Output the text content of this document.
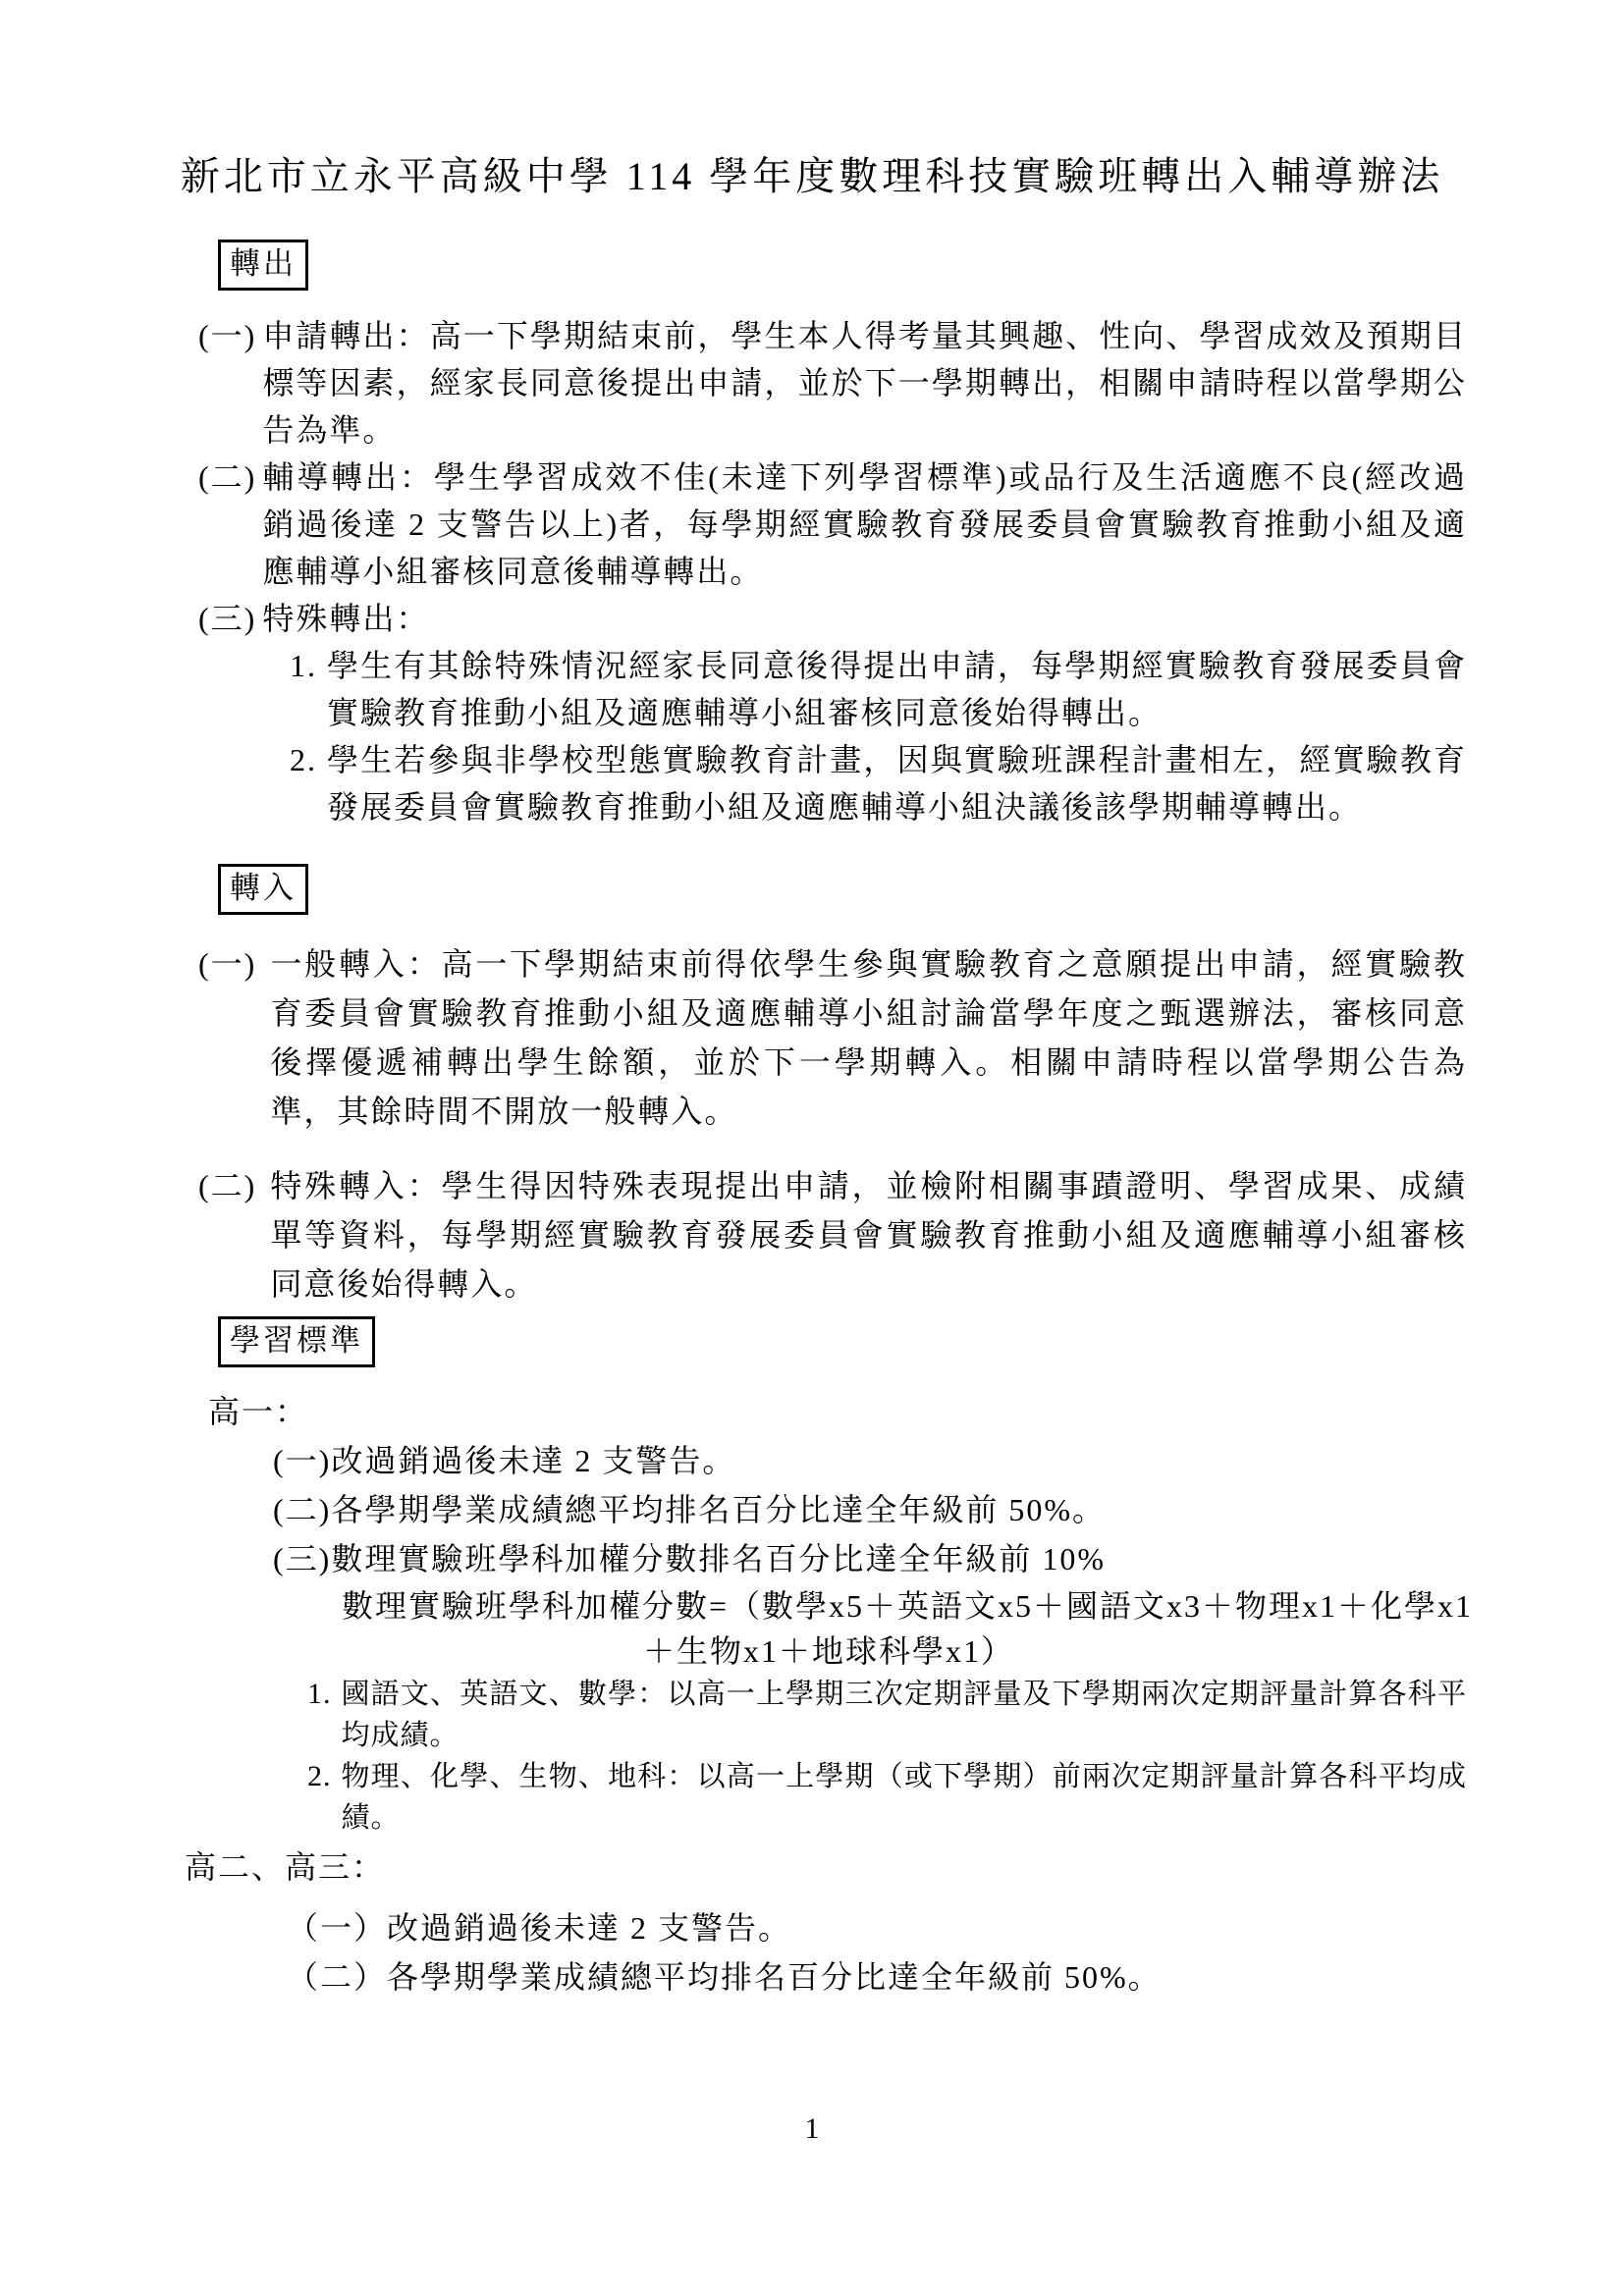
新北市立永平高級中學 114 學年度數理科技實驗班轉出入輔導辦法
轉出
(一) 申請轉出：高一下學期結束前，學生本人得考量其興趣、性向、學習成效及預期目標等因素，經家長同意後提出申請，並於下一學期轉出，相關申請時程以當學期公告為準。
(二) 輔導轉出：學生學習成效不佳(未達下列學習標準)或品行及生活適應不良(經改過銷過後達 2 支警告以上)者，每學期經實驗教育發展委員會實驗教育推動小組及適應輔導小組審核同意後輔導轉出。
(三) 特殊轉出：
1. 學生有其餘特殊情況經家長同意後得提出申請，每學期經實驗教育發展委員會實驗教育推動小組及適應輔導小組審核同意後始得轉出。
2. 學生若參與非學校型態實驗教育計畫，因與實驗班課程計畫相左，經實驗教育發展委員會實驗教育推動小組及適應輔導小組決議後該學期輔導轉出。
轉入
(一) 一般轉入：高一下學期結束前得依學生參與實驗教育之意願提出申請，經實驗教育委員會實驗教育推動小組及適應輔導小組討論當學年度之甄選辦法，審核同意後擇優遞補轉出學生餘額，並於下一學期轉入。相關申請時程以當學期公告為準，其餘時間不開放一般轉入。
(二) 特殊轉入：學生得因特殊表現提出申請，並檢附相關事蹟證明、學習成果、成績單等資料，每學期經實驗教育發展委員會實驗教育推動小組及適應輔導小組審核同意後始得轉入。
學習標準
高一：
(一)改過銷過後未達 2 支警告。
(二)各學期學業成績總平均排名百分比達全年級前 50%。
(三)數理實驗班學科加權分數排名百分比達全年級前 10%
數理實驗班學科加權分數=（數學x5＋英語文x5＋國語文x3＋物理x1＋化學x1
＋生物x1＋地球科學x1）
1. 國語文、英語文、數學：以高一上學期三次定期評量及下學期兩次定期評量計算各科平均成績。
2. 物理、化學、生物、地科：以高一上學期（或下學期）前兩次定期評量計算各科平均成績。
高二、高三：
（一）改過銷過後未達 2 支警告。
（二）各學期學業成績總平均排名百分比達全年級前 50%。
1
